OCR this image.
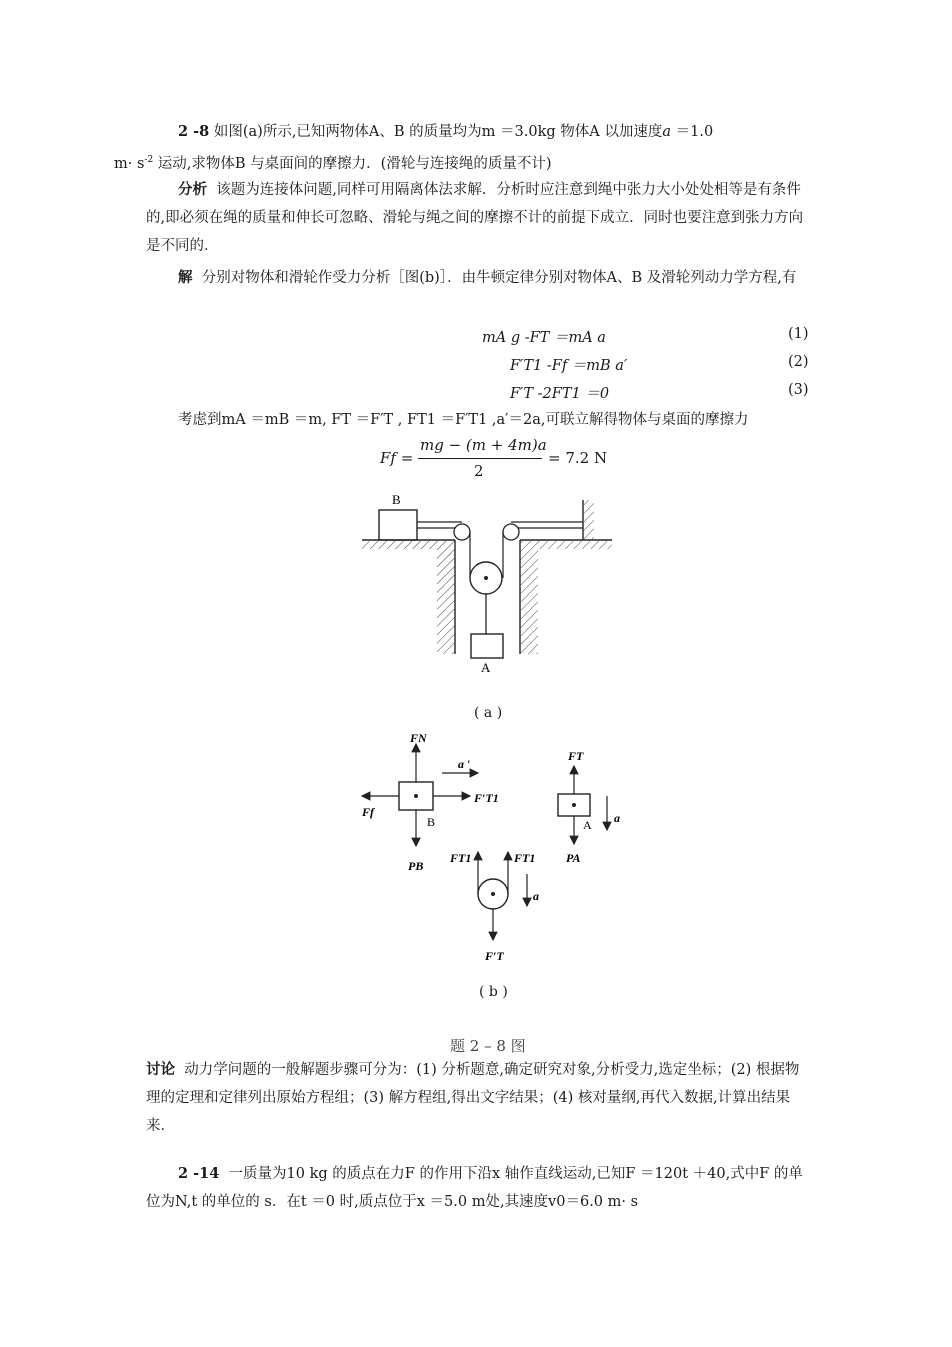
2 -8 如图(a)所示,已知两物体A、B 的质量均为m ＝3.0kg 物体A 以加速度a ＝1.0
$m\cdot s^{-2}$ 运动,求物体B 与桌面间的摩擦力．(滑轮与连接绳的质量不计)
分析 该题为连接体问题,同样可用隔离体法求解．分析时应注意到绳中张力大小处处相等是有条件的,即必须在绳的质量和伸长可忽略、滑轮与绳之间的摩擦不计的前提下成立．同时也要注意到张力方向是不同的．
解 分别对物体和滑轮作受力分析［图(b)］．由牛顿定律分别对物体A、B 及滑轮列动力学方程,有
mA g -FT ＝mA a	(1)
F′T1 -Ff ＝mB a′	(2)
F′T -2FT1 ＝0	(3)
考虑到mA ＝mB ＝m, FT ＝F′T , FT1 ＝F′T1 ,a′＝2a,可联立解得物体与桌面的摩擦力
Ff =
mg − (m + 4m)a
2
= 7.2 N
B
A
( a )
FN
a ′
F′T1
Ff
B
PB
FT
A a
PA
FT1	FT1
a
F′T
( b )
题 2 – 8 图
讨论 动力学问题的一般解题步骤可分为：(1) 分析题意,确定研究对象,分析受力,选定坐标；(2) 根据物理的定理和定律列出原始方程组；(3) 解方程组,得出文字结果；(4) 核对量纲,再代入数据,计算出结果来．
2 -14 一质量为10 kg 的质点在力F 的作用下沿x 轴作直线运动,已知F ＝120t ＋40,式中F 的单位为N,t 的单位的 s．在t ＝0 时,质点位于x ＝5.0 m处,其速度v0＝6.0 m· s
